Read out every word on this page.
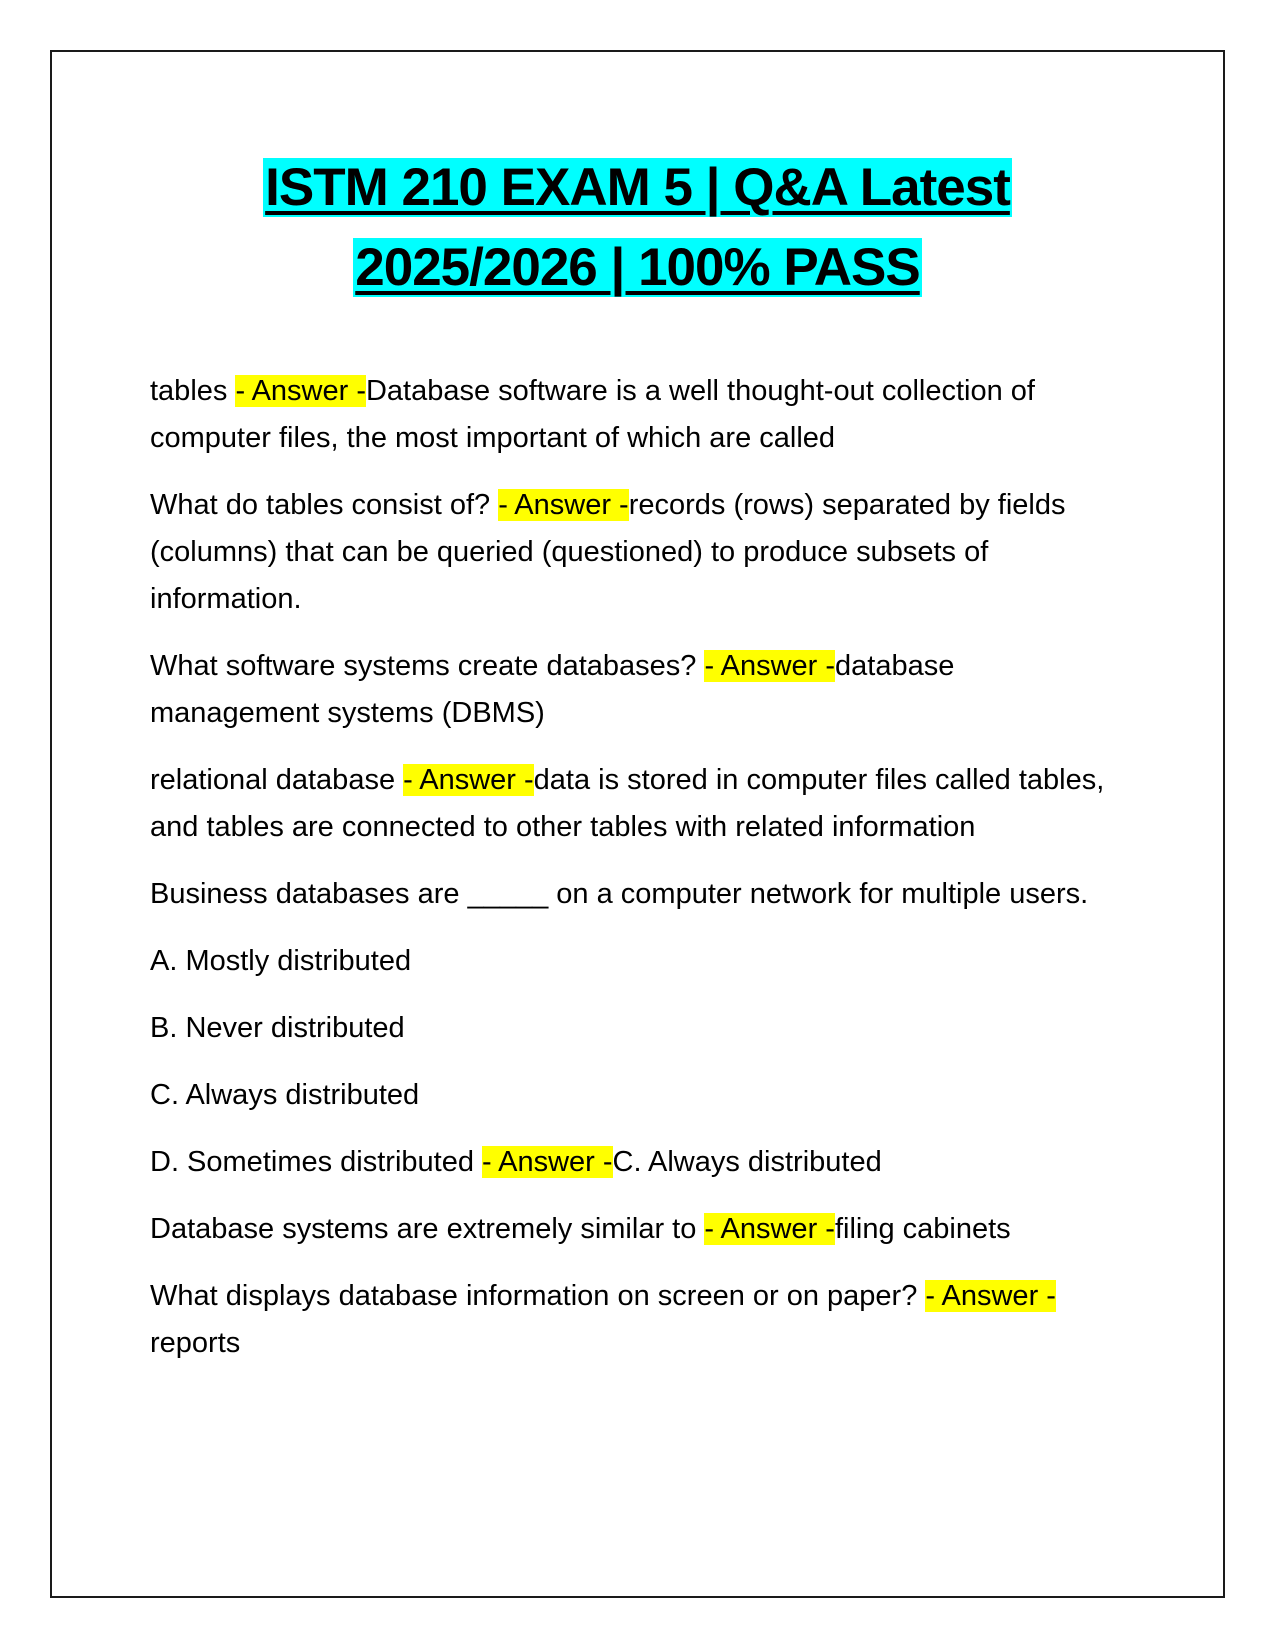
ISTM 210 EXAM 5 | Q&A Latest
2025/2026 | 100% PASS

tables - Answer -Database software is a well thought-out collection of computer files, the most important of which are called

What do tables consist of? - Answer -records (rows) separated by fields (columns) that can be queried (questioned) to produce subsets of information.

What software systems create databases? - Answer -database management systems (DBMS)

relational database - Answer -data is stored in computer files called tables, and tables are connected to other tables with related information

Business databases are _____ on a computer network for multiple users.

A. Mostly distributed

B. Never distributed

C. Always distributed

D. Sometimes distributed - Answer -C. Always distributed

Database systems are extremely similar to - Answer -filing cabinets

What displays database information on screen or on paper? - Answer -reports
